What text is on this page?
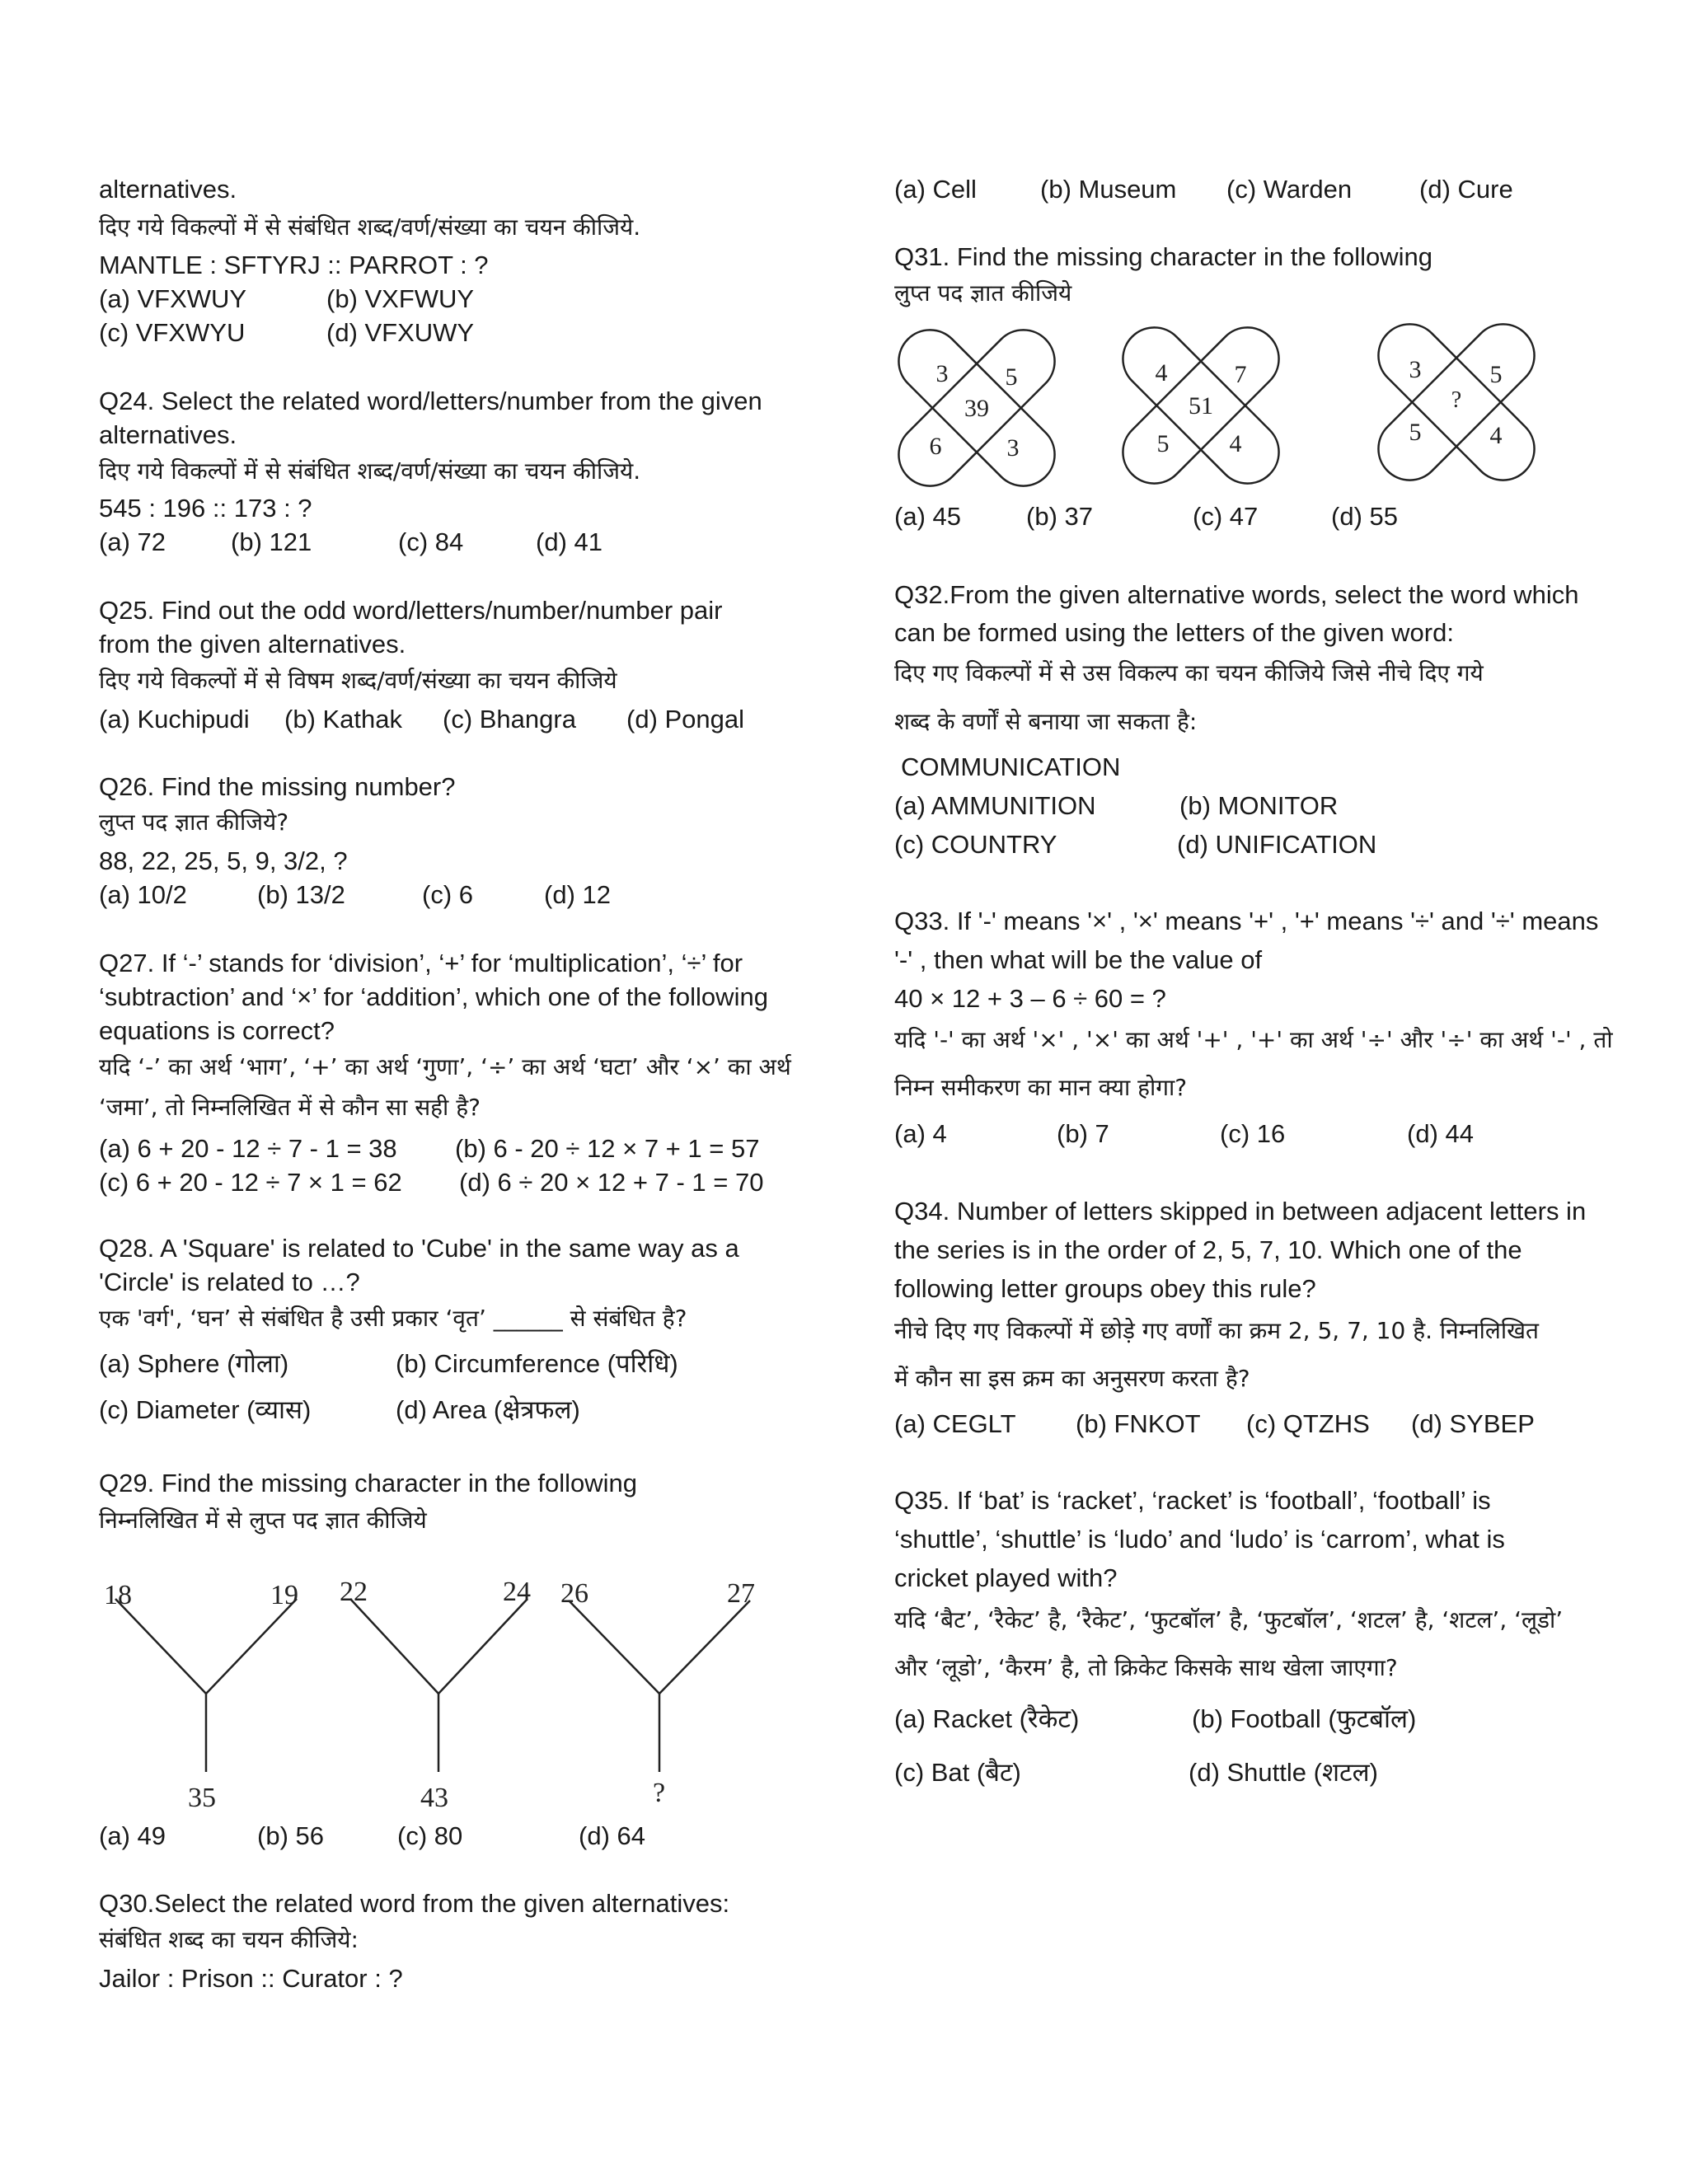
alternatives.
दिए गये विकल्पों में से संबंधित शब्द/वर्ण/संख्या का चयन कीजिये.
MANTLE : SFTYRJ :: PARROT : ?
(a) VFXWUY	(b) VXFWUY
(c) VFXWYU	(d) VFXUWY
Q24. Select the related word/letters/number from the given
alternatives.
दिए गये विकल्पों में से संबंधित शब्द/वर्ण/संख्या का चयन कीजिये.
545 : 196 :: 173 : ?
(a) 72	(b) 121	(c) 84	(d) 41
Q25. Find out the odd word/letters/number/number pair
from the given alternatives.
दिए गये विकल्पों में से विषम शब्द/वर्ण/संख्या का चयन कीजिये
(a) Kuchipudi (b) Kathak (c) Bhangra (d) Pongal
Q26. Find the missing number?
लुप्त पद ज्ञात कीजिये?
88, 22, 25, 5, 9, 3/2, ?
(a) 10/2	(b) 13/2	(c) 6	(d) 12
Q27. If ‘-’ stands for ‘division’, ‘+’ for ‘multiplication’, ‘÷’ for
‘subtraction’ and ‘×’ for ‘addition’, which one of the following
equations is correct?
यदि ‘-’ का अर्थ ‘भाग’, ‘+’ का अर्थ ‘गुणा’, ‘÷’ का अर्थ ‘घटा’ और ‘×’ का अर्थ
‘जमा’, तो निम्नलिखित में से कौन सा सही है?
(a) 6 + 20 - 12 ÷ 7 - 1 = 38 (b) 6 - 20 ÷ 12 × 7 + 1 = 57
(c) 6 + 20 - 12 ÷ 7 × 1 = 62 (d) 6 ÷ 20 × 12 + 7 - 1 = 70
Q28. A 'Square' is related to 'Cube' in the same way as a
'Circle' is related to …?
एक 'वर्ग', ‘घन’ से संबंधित है उसी प्रकार ‘वृत’ ______ से संबंधित है?
(a) Sphere (गोला)	(b) Circumference (परिधि)
(c) Diameter (व्यास)	(d) Area (क्षेत्रफल)
Q29. Find the missing character in the following
निम्नलिखित में से लुप्त पद ज्ञात कीजिये
18	19
35
22	24
43
26	27
?
(a) 49	(b) 56	(c) 80	(d) 64
Q30.Select the related word from the given alternatives:
संबंधित शब्द का चयन कीजिये:
Jailor : Prison :: Curator : ?
(a) Cell (b) Museum (c) Warden	(d) Cure
Q31. Find the missing character in the following
लुप्त पद ज्ञात कीजिये
3 5
39
6	3
4	7
51
5 4
3	5
?
5	4
(a) 45	(b) 37	(c) 47	(d) 55
Q32.From the given alternative words, select the word which
can be formed using the letters of the given word:
दिए गए विकल्पों में से उस विकल्प का चयन कीजिये जिसे नीचे दिए गये
शब्द के वर्णों से बनाया जा सकता है:
COMMUNICATION
(a) AMMUNITION	(b) MONITOR
(c) COUNTRY	(d) UNIFICATION
Q33. If '-' means '×' , '×' means '+' , '+' means '÷' and '÷' means
'-' , then what will be the value of
40 × 12 + 3 – 6 ÷ 60 = ?
यदि '-' का अर्थ '×' , '×' का अर्थ '+' , '+' का अर्थ '÷' और '÷' का अर्थ '-' , तो
निम्न समीकरण का मान क्या होगा?
(a) 4	(b) 7	(c) 16	(d) 44
Q34. Number of letters skipped in between adjacent letters in
the series is in the order of 2, 5, 7, 10. Which one of the
following letter groups obey this rule?
नीचे दिए गए विकल्पों में छोड़े गए वर्णों का क्रम 2, 5, 7, 10 है. निम्नलिखित
में कौन सा इस क्रम का अनुसरण करता है?
(a) CEGLT (b) FNKOT (c) QTZHS (d) SYBEP
Q35. If ‘bat’ is ‘racket’, ‘racket’ is ‘football’, ‘football’ is
‘shuttle’, ‘shuttle’ is ‘ludo’ and ‘ludo’ is ‘carrom’, what is
cricket played with?
यदि ‘बैट’, ‘रैकेट’ है, ‘रैकेट’, ‘फुटबॉल’ है, ‘फुटबॉल’, ‘शटल’ है, ‘शटल’, ‘लूडो’
और ‘लूडो’, ‘कैरम’ है, तो क्रिकेट किसके साथ खेला जाएगा?
(a) Racket (रैकेट)	(b) Football (फुटबॉल)
(c) Bat (बैट)	(d) Shuttle (शटल)
